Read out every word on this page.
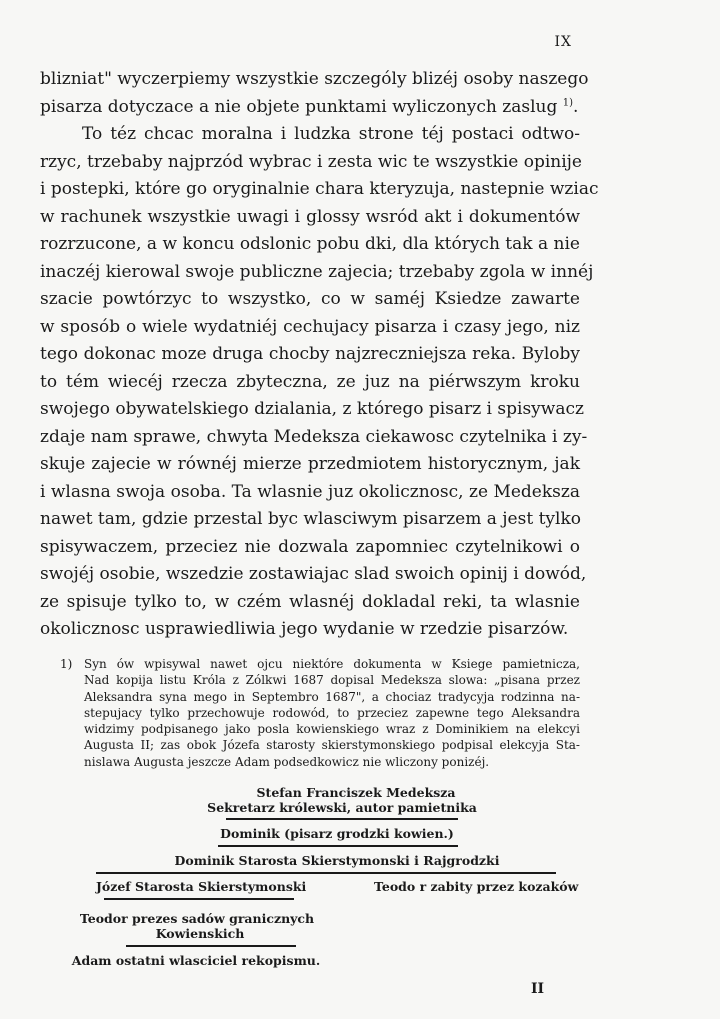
IX
blizniat" wyczerpiemy wszystkie szczególy blizéj osoby naszego
pisarza dotyczace a nie objete punktami wyliczonych zaslug $^{1)}$.
To téz chcac moralna i ludzka strone téj postaci odtwo-
rzyc, trzebaby najprzód wybrac i zesta wic te wszystkie opinije
i postepki, które go oryginalnie chara kteryzuja, nastepnie wziac
w rachunek wszystkie uwagi i glossy wsród akt i dokumentów
rozrzucone, a w koncu odslonic pobu dki, dla których tak a nie
inaczéj kierowal swoje publiczne zajecia; trzebaby zgola w innéj
szacie powtórzyc to wszystko, co w saméj Ksiedze zawarte
w sposób o wiele wydatniéj cechujacy pisarza i czasy jego, niz
tego dokonac moze druga chocby najzreczniejsza reka. Byloby
to tém wiecéj rzecza zbyteczna, ze juz na piérwszym kroku
swojego obywatelskiego dzialania, z którego pisarz i spisywacz
zdaje nam sprawe, chwyta Medeksza ciekawosc czytelnika i zy-
skuje zajecie w równéj mierze przedmiotem historycznym, jak
i wlasna swoja osoba. Ta wlasnie juz okolicznosc, ze Medeksza
nawet tam, gdzie przestal byc wlasciwym pisarzem a jest tylko
spisywaczem, przeciez nie dozwala zapomniec czytelnikowi o
swojéj osobie, wszedzie zostawiajac slad swoich opinij i dowód,
ze spisuje tylko to, w czém wlasnéj dokladal reki, ta wlasnie
okolicznosc usprawiedliwia jego wydanie w rzedzie pisarzów.
1) Syn ów wpisywal nawet ojcu niektóre dokumenta w Ksiege pamietnicza,
Nad kopija listu Króla z Zólkwi 1687 dopisal Medeksza slowa: „pisana przez
Aleksandra syna mego in Septembro 1687", a chociaz tradycyja rodzinna na-
stepujacy tylko przechowuje rodowód, to przeciez zapewne tego Aleksandra
widzimy podpisanego jako posla kowienskiego wraz z Dominikiem na elekcyi
Augusta II; zas obok Józefa starosty skierstymonskiego podpisal elekcyja Sta-
nislawa Augusta jeszcze Adam podsedkowicz nie wliczony ponizéj.
Stefan Franciszek Medeksza
Sekretarz królewski, autor pamietnika
Dominik (pisarz grodzki kowien.)
Dominik Starosta Skierstymonski i Rajgrodzki
Józef Starosta Skierstymonski	Teodo r zabity przez kozaków
Teodor prezes sadów granicznych
Kowienskich
Adam ostatni wlasciciel rekopismu.
II
